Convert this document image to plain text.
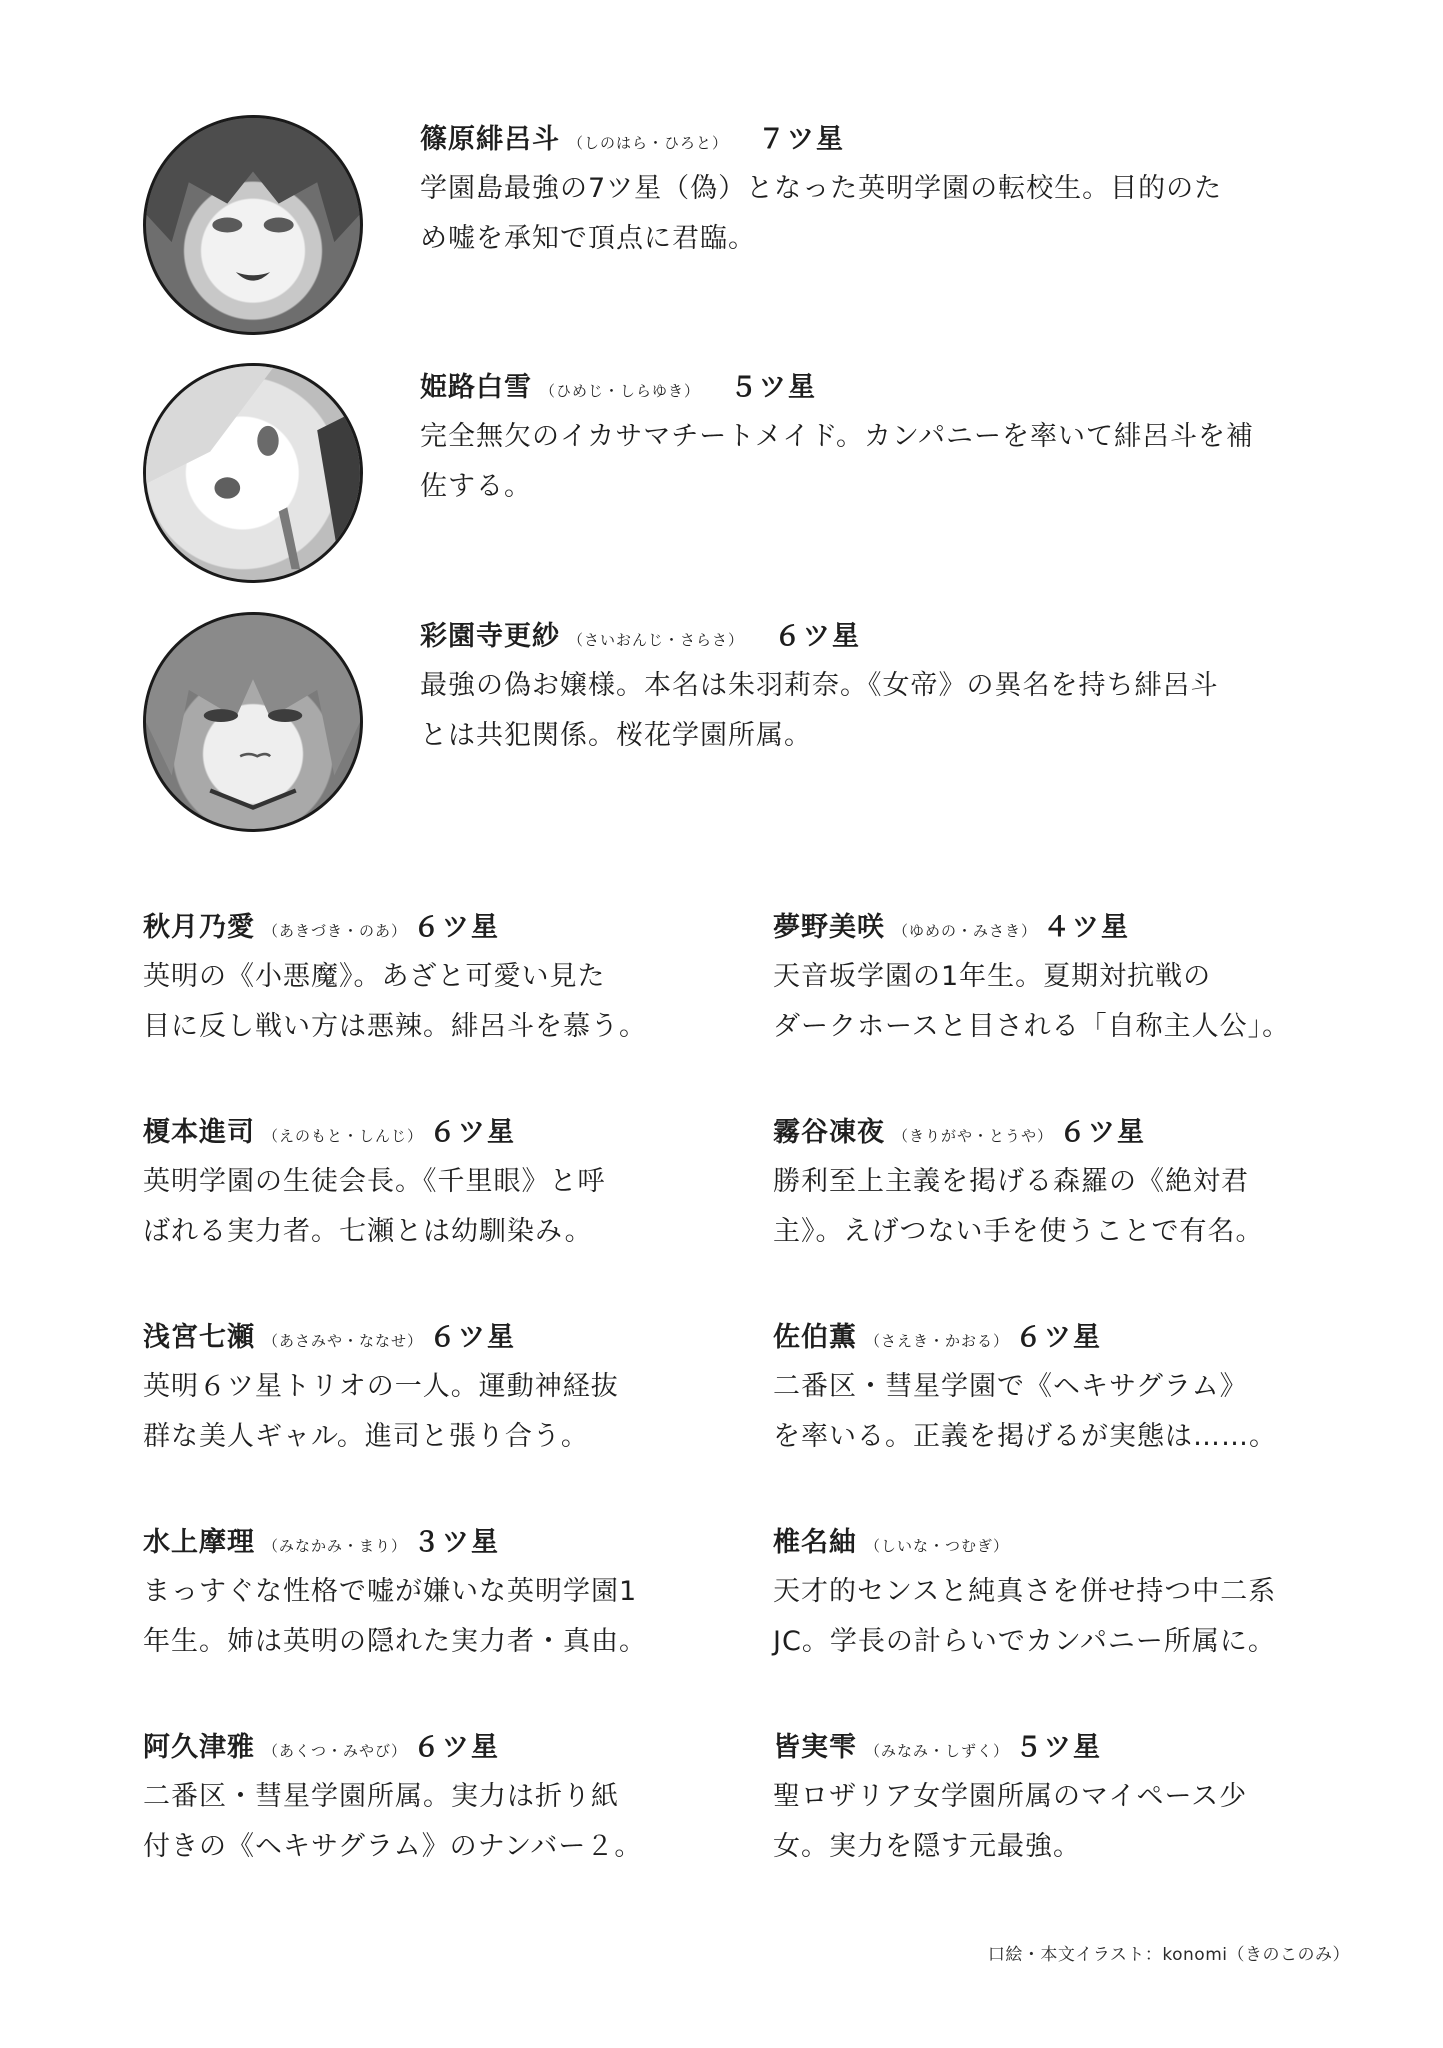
篠原緋呂斗 （しのはら・ひろと） ７ツ星
学園島最強の7ツ星（偽）となった英明学園の転校生。目的のた
め嘘を承知で頂点に君臨。
姫路白雪 （ひめじ・しらゆき） ５ツ星
完全無欠のイカサマチートメイド。カンパニーを率いて緋呂斗を補
佐する。
彩園寺更紗 （さいおんじ・さらさ） ６ツ星
最強の偽お嬢様。本名は朱羽莉奈。《女帝》の異名を持ち緋呂斗
とは共犯関係。桜花学園所属。
秋月乃愛 （あきづき・のあ） ６ツ星
英明の《小悪魔》。あざと可愛い見た
目に反し戦い方は悪辣。緋呂斗を慕う。
夢野美咲 （ゆめの・みさき） ４ツ星
天音坂学園の1年生。夏期対抗戦の
ダークホースと目される「自称主人公」。
榎本進司 （えのもと・しんじ） ６ツ星
英明学園の生徒会長。《千里眼》と呼
ばれる実力者。七瀬とは幼馴染み。
霧谷凍夜 （きりがや・とうや） ６ツ星
勝利至上主義を掲げる森羅の《絶対君
主》。えげつない手を使うことで有名。
浅宮七瀬 （あさみや・ななせ） ６ツ星
英明６ツ星トリオの一人。運動神経抜
群な美人ギャル。進司と張り合う。
佐伯薫 （さえき・かおる） ６ツ星
二番区・彗星学園で《ヘキサグラム》
を率いる。正義を掲げるが実態は……。
水上摩理 （みなかみ・まり） ３ツ星
まっすぐな性格で嘘が嫌いな英明学園1
年生。姉は英明の隠れた実力者・真由。
椎名紬 （しいな・つむぎ）
天才的センスと純真さを併せ持つ中二系
JC。学長の計らいでカンパニー所属に。
阿久津雅 （あくつ・みやび） ６ツ星
二番区・彗星学園所属。実力は折り紙
付きの《ヘキサグラム》のナンバー２。
皆実雫 （みなみ・しずく） ５ツ星
聖ロザリア女学園所属のマイペース少
女。実力を隠す元最強。
口絵・本文イラスト：konomi（きのこのみ）
